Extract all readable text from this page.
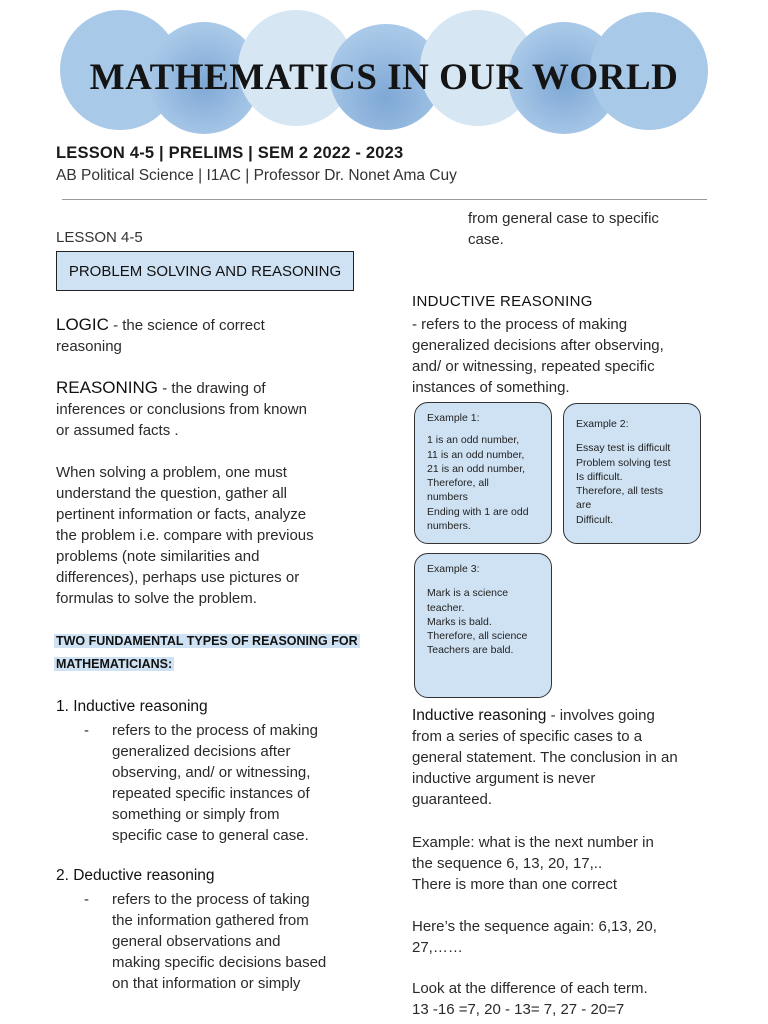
MATHEMATICS IN OUR WORLD
LESSON 4-5 | PRELIMS | SEM 2 2022 - 2023
AB Political Science | I1AC | Professor Dr. Nonet Ama Cuy
LESSON 4-5
PROBLEM SOLVING AND REASONING
LOGIC - the science of correct
reasoning
REASONING - the drawing of
inferences or conclusions from known
or assumed facts .
When solving a problem, one must
understand the question, gather all
pertinent information or facts, analyze
the problem i.e. compare with previous
problems (note similarities and
differences), perhaps use pictures or
formulas to solve the problem.
TWO FUNDAMENTAL TYPES OF REASONING FOR
MATHEMATICIANS:
1. Inductive reasoning
- refers to the process of making
generalized decisions after
observing, and/ or witnessing,
repeated specific instances of
something or simply from
specific case to general case.
2. Deductive reasoning
- refers to the process of taking
the information gathered from
general observations and
making specific decisions based
on that information or simply
from general case to specific
case.
INDUCTIVE REASONING
- refers to the process of making
generalized decisions after observing,
and/ or witnessing, repeated specific
instances of something.
Example 1:
1 is an odd number,
11 is an odd number,
21 is an odd number,
Therefore, all
numbers
Ending with 1 are odd
numbers.
Example 2:
Essay test is difficult
Problem solving test
Is difficult.
Therefore, all tests
are
Difficult.
Example 3:
Mark is a science
teacher.
Marks is bald.
Therefore, all science
Teachers are bald.
Inductive reasoning - involves going
from a series of specific cases to a
general statement. The conclusion in an
inductive argument is never
guaranteed.
Example: what is the next number in
the sequence 6, 13, 20, 17,..
There is more than one correct
Here’s the sequence again: 6,13, 20,
27,……
Look at the difference of each term.
13 -16 =7, 20 - 13= 7, 27 - 20=7
